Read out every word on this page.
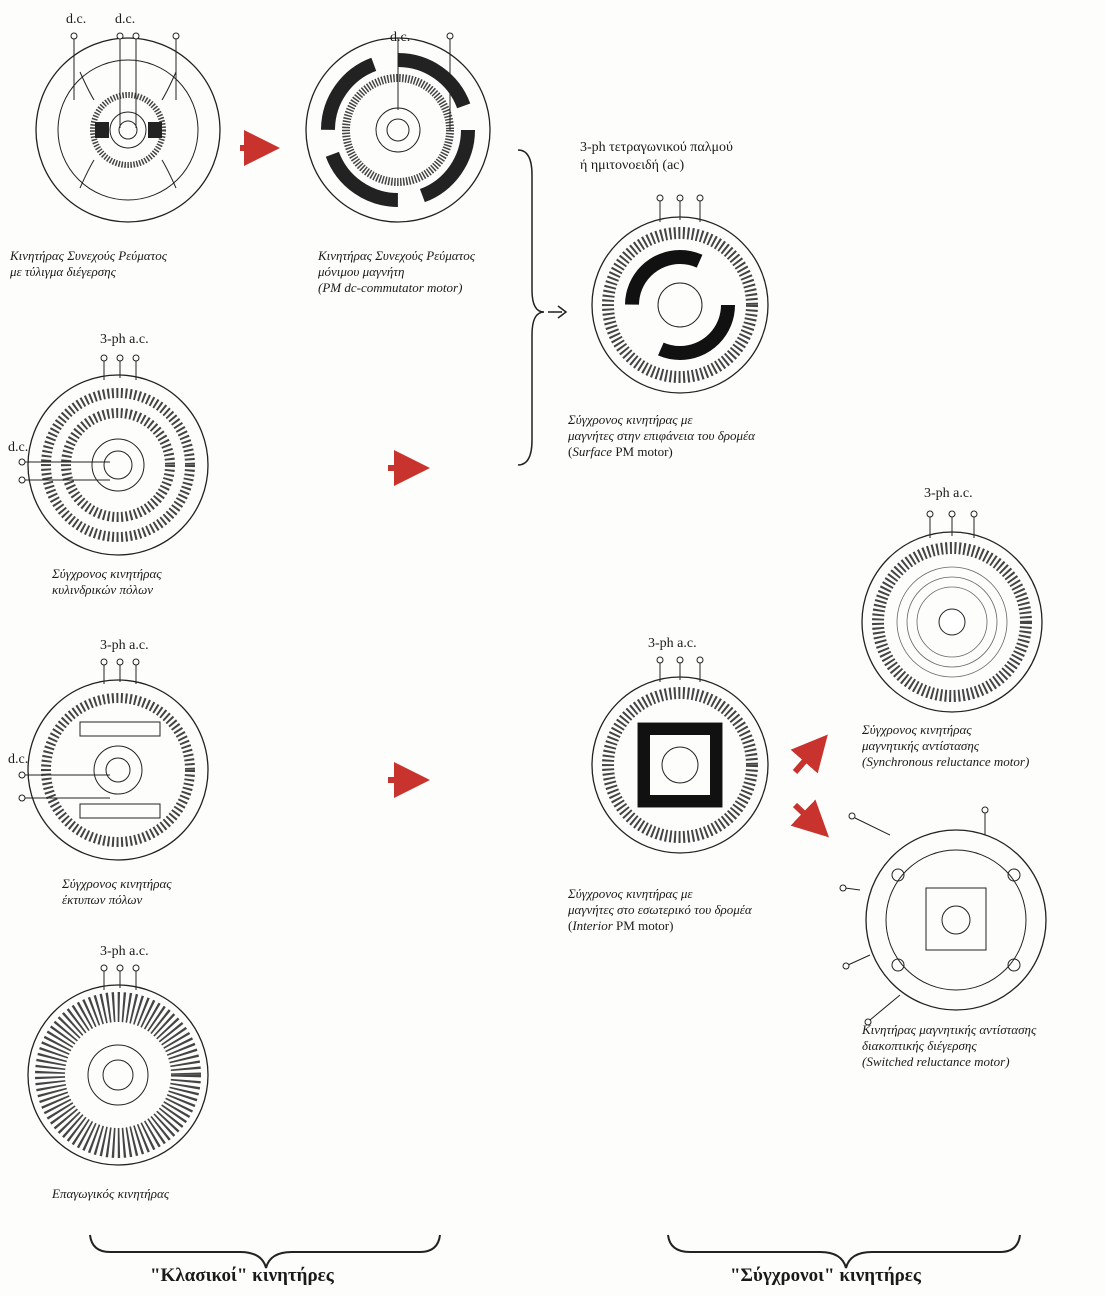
d.c. d.c.
Κινητήρας Συνεχούς Ρεύματος
με τύλιγμα διέγερσης
d.c.
Κινητήρας Συνεχούς Ρεύματος
μόνιμου μαγνήτη
(PM dc-commutator motor)
3-ph a.c.
d.c.
Σύγχρονος κινητήρας
κυλινδρικών πόλων
3-ph a.c.
d.c.
Σύγχρονος κινητήρας
έκτυπων πόλων
3-ph a.c.
Επαγωγικός κινητήρας
3-ph τετραγωνικού παλμού
ή ημιτονοειδή (ac)
Σύγχρονος κινητήρας με
μαγνήτες στην επιφάνεια του δρομέα
(Surface PM motor)
3-ph a.c.
Σύγχρονος κινητήρας με
μαγνήτες στο εσωτερικό του δρομέα
(Interior PM motor)
3-ph a.c.
Σύγχρονος κινητήρας
μαγνητικής αντίστασης
(Synchronous reluctance motor)
Κινητήρας μαγνητικής αντίστασης
διακοπτικής διέγερσης
(Switched reluctance motor)
"Κλασικοί" κινητήρες	"Σύγχρονοι" κινητήρες
